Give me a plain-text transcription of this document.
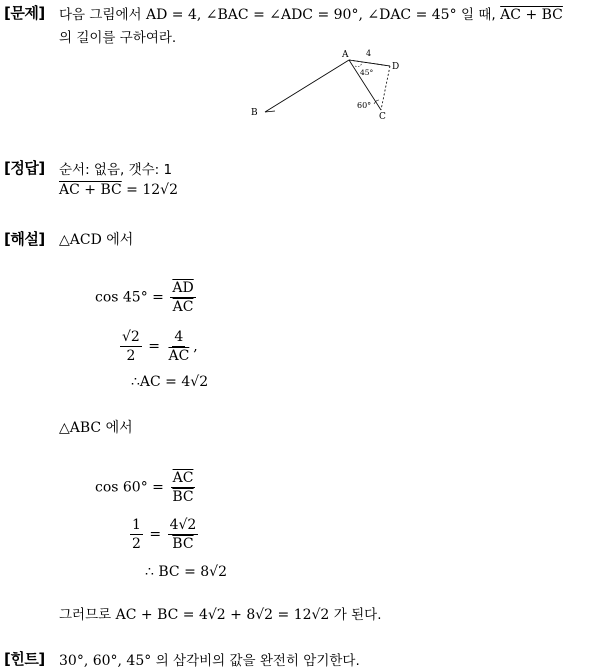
[문제] 다음 그림에서 AD = 4, ∠BAC = ∠ADC = 90°, ∠DAC = 45° 일 때, AC + BC
의 길이를 구하여라.
A
B	C
D
4
45°
60°
[정답] 순서: 없음, 갯수: 1
AC + BC = 12√2
[해설] △ACD 에서
$\cos 45^\circ = \frac{\overline{AD}}{AC}$
$\frac{√2}{2} = \frac{4}{AC}$ ,
∴AC = 4√2
△ABC 에서
$\cos 60^\circ = \frac{\overline{AC}}{BC}$
$\frac{1}{2} = \frac{4√2}{BC}$
∴ BC = 8√2
그러므로 AC + BC = 4√2 + 8√2 = 12√2 가 된다.
[힌트] 30°, 60°, 45° 의 삼각비의 값을 완전히 암기한다.
